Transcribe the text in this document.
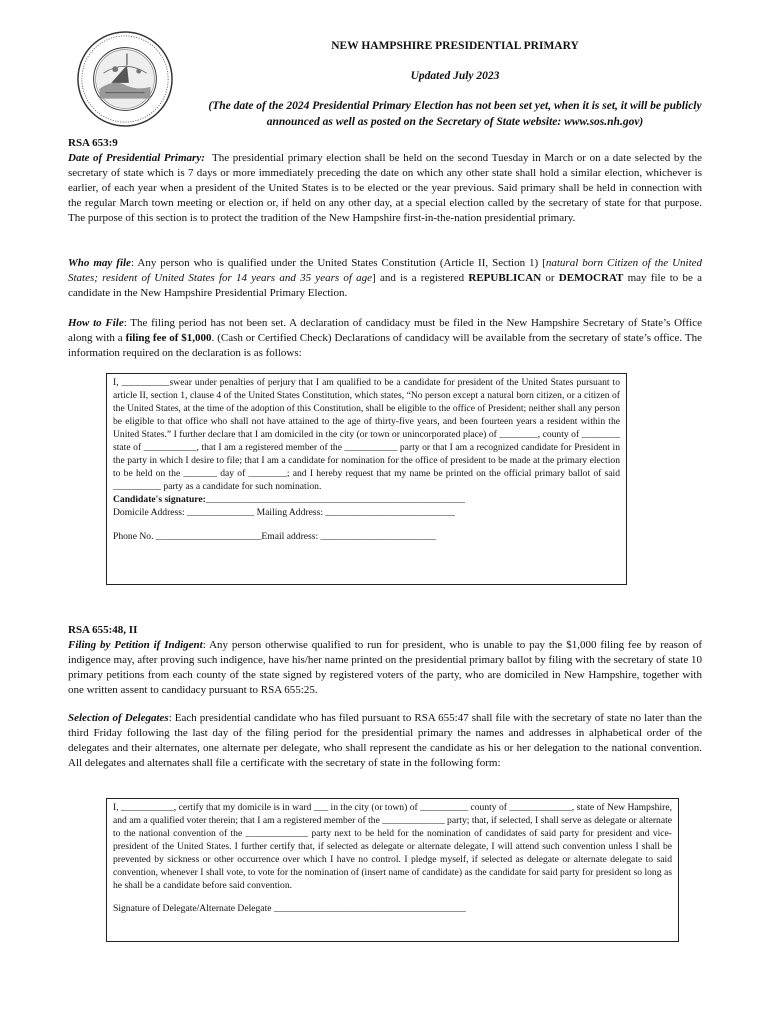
NEW HAMPSHIRE PRESIDENTIAL PRIMARY
Updated July 2023
(The date of the 2024 Presidential Primary Election has not been set yet, when it is set, it will be publicly announced as well as posted on the Secretary of State website: www.sos.nh.gov)
RSA 653:9
Date of Presidential Primary: The presidential primary election shall be held on the second Tuesday in March or on a date selected by the secretary of state which is 7 days or more immediately preceding the date on which any other state shall hold a similar election, whichever is earlier, of each year when a president of the United States is to be elected or the year previous. Said primary shall be held in connection with the regular March town meeting or election or, if held on any other day, at a special election called by the secretary of state for that purpose. The purpose of this section is to protect the tradition of the New Hampshire first-in-the-nation presidential primary.
Who may file: Any person who is qualified under the United States Constitution (Article II, Section 1) [natural born Citizen of the United States; resident of United States for 14 years and 35 years of age] and is a registered REPUBLICAN or DEMOCRAT may file to be a candidate in the New Hampshire Presidential Primary Election.
How to File: The filing period has not been set. A declaration of candidacy must be filed in the New Hampshire Secretary of State’s Office along with a filing fee of $1,000. (Cash or Certified Check) Declarations of candidacy will be available from the secretary of state’s office. The information required on the declaration is as follows:

I, __________swear under penalties of perjury that I am qualified to be a candidate for president of the United States pursuant to article II, section 1, clause 4 of the United States Constitution, which states, “No person except a natural born citizen, or a citizen of the United States, at the time of the adoption of this Constitution, shall be eligible to the office of President; neither shall any person be eligible to that office who shall not have attained to the age of thirty-five years, and been fourteen years a resident within the United States.” I further declare that I am domiciled in the city (or town or unincorporated place) of ________, county of ________ state of ___________, that I am a registered member of the ___________ party or that I am a recognized candidate for President in the party in which I desire to file; that I am a candidate for nomination for the office of president to be made at the primary election to be held on the _______ day of ________; and I hereby request that my name be printed on the official primary ballot of said __________ party as a candidate for such nomination.

Candidate's signature:______________________________________________________

Domicile Address: ______________ Mailing Address: ___________________________

Phone No. ______________________Email address: ________________________

RSA 655:48, II
Filing by Petition if Indigent: Any person otherwise qualified to run for president, who is unable to pay the $1,000 filing fee by reason of indigence may, after proving such indigence, have his/her name printed on the presidential primary ballot by filing with the secretary of state 10 primary petitions from each county of the state signed by registered voters of the party, who are domiciled in New Hampshire, together with one written assent to candidacy pursuant to RSA 655:25.
Selection of Delegates: Each presidential candidate who has filed pursuant to RSA 655:47 shall file with the secretary of state no later than the third Friday following the last day of the filing period for the presidential primary the names and addresses in alphabetical order of the delegates and their alternates, one alternate per delegate, who shall represent the candidate as his or her delegation to the national convention. All delegates and alternates shall file a certificate with the secretary of state in the following form:

I, ___________, certify that my domicile is in ward ___ in the city (or town) of __________ county of _____________, state of New Hampshire, and am a qualified voter therein; that I am a registered member of the _____________ party; that, if selected, I shall serve as delegate or alternate to the national convention of the _____________ party next to be held for the nomination of candidates of said party for president and vice-president of the United States. I further certify that, if selected as delegate or alternate delegate, I will attend such convention unless I shall be prevented by sickness or other occurrence over which I have no control. I pledge myself, if selected as delegate or alternate delegate to said convention, whenever I shall vote, to vote for the nomination of (insert name of candidate) as the candidate for said party for president so long as he shall be a candidate before said convention.

Signature of Delegate/Alternate Delegate ________________________________________
